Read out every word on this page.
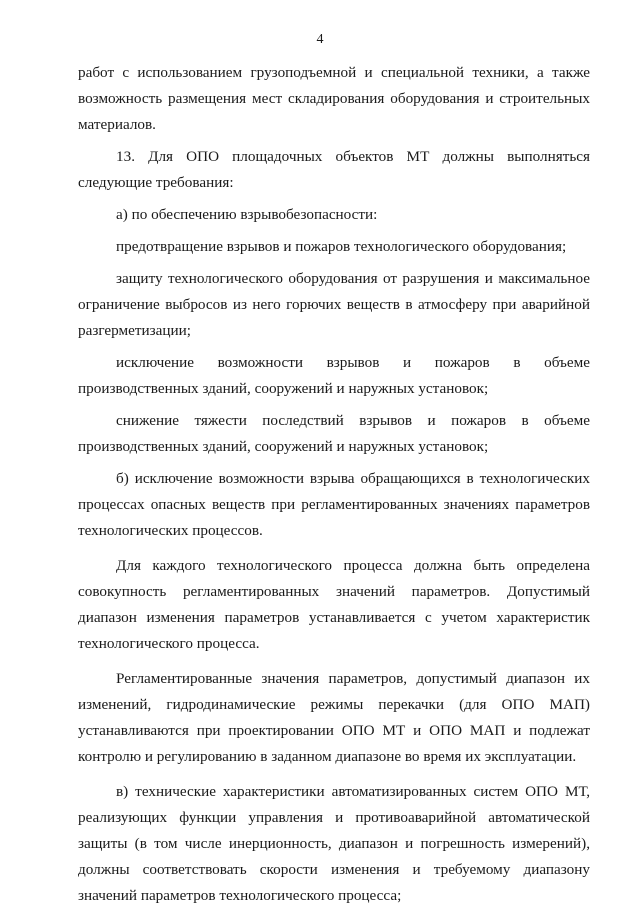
4

работ с использованием грузоподъемной и специальной техники, а также возможность размещения мест складирования оборудования и строительных материалов.

13. Для ОПО площадочных объектов МТ должны выполняться следующие требования:

а) по обеспечению взрывобезопасности:

предотвращение взрывов и пожаров технологического оборудования;

защиту технологического оборудования от разрушения и максимальное ограничение выбросов из него горючих веществ в атмосферу при аварийной разгерметизации;

исключение возможности взрывов и пожаров в объеме производственных зданий, сооружений и наружных установок;

снижение тяжести последствий взрывов и пожаров в объеме производственных зданий, сооружений и наружных установок;

б) исключение возможности взрыва обращающихся в технологических процессах опасных веществ при регламентированных значениях параметров технологических процессов.

Для каждого технологического процесса должна быть определена совокупность регламентированных значений параметров. Допустимый диапазон изменения параметров устанавливается с учетом характеристик технологического процесса.

Регламентированные значения параметров, допустимый диапазон их изменений, гидродинамические режимы перекачки (для ОПО МАП) устанавливаются при проектировании ОПО МТ и ОПО МАП и подлежат контролю и регулированию в заданном диапазоне во время их эксплуатации.

в) технические характеристики автоматизированных систем ОПО МТ, реализующих функции управления и противоаварийной автоматической защиты (в том числе инерционность, диапазон и погрешность измерений), должны соответствовать скорости изменения и требуемому диапазону значений параметров технологического процесса;
